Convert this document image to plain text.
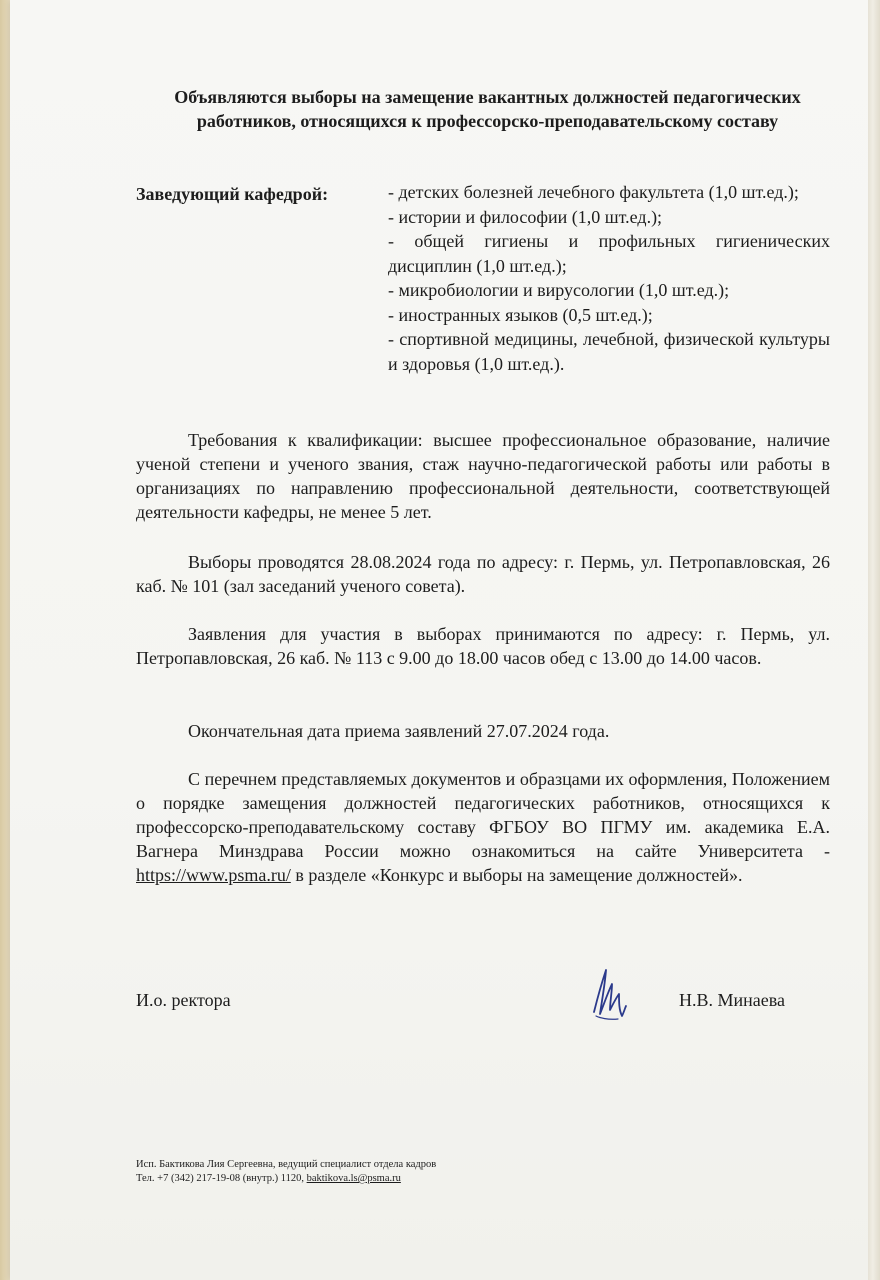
Объявляются выборы на замещение вакантных должностей педагогических работников, относящихся к профессорско-преподавательскому составу
Заведующий кафедрой:	- детских болезней лечебного факультета (1,0 шт.ед.);
- истории и философии (1,0 шт.ед.);
- общей гигиены и профильных гигиенических дисциплин (1,0 шт.ед.);
- микробиологии и вирусологии (1,0 шт.ед.);
- иностранных языков (0,5 шт.ед.);
- спортивной медицины, лечебной, физической культуры и здоровья (1,0 шт.ед.).
Требования к квалификации: высшее профессиональное образование, наличие ученой степени и ученого звания, стаж научно-педагогической работы или работы в организациях по направлению профессиональной деятельности, соответствующей деятельности кафедры, не менее 5 лет.
Выборы проводятся 28.08.2024 года по адресу: г. Пермь, ул. Петропавловская, 26 каб. № 101 (зал заседаний ученого совета).
Заявления для участия в выборах принимаются по адресу: г. Пермь, ул. Петропавловская, 26 каб. № 113 с 9.00 до 18.00 часов обед с 13.00 до 14.00 часов.
Окончательная дата приема заявлений 27.07.2024 года.
С перечнем представляемых документов и образцами их оформления, Положением о порядке замещения должностей педагогических работников, относящихся к профессорско-преподавательскому составу ФГБОУ ВО ПГМУ им. академика Е.А. Вагнера Минздрава России можно ознакомиться на сайте Университета - https://www.psma.ru/ в разделе «Конкурс и выборы на замещение должностей».
И.о. ректора	Н.В. Минаева
Исп. Бактикова Лия Сергеевна, ведущий специалист отдела кадров
Тел. +7 (342) 217-19-08 (внутр.) 1120, baktikova.ls@psma.ru
